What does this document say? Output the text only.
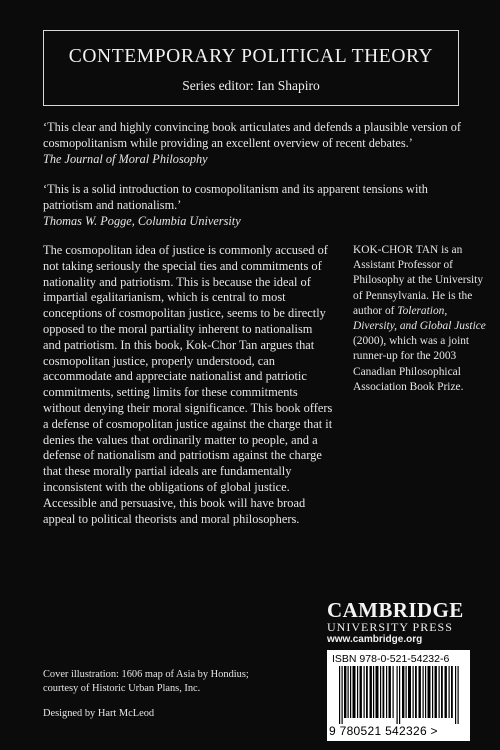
CONTEMPORARY POLITICAL THEORY
Series editor: Ian Shapiro
‘This clear and highly convincing book articulates and defends a plausible version of
cosmopolitanism while providing an excellent overview of recent debates.’
The Journal of Moral Philosophy
‘This is a solid introduction to cosmopolitanism and its apparent tensions with
patriotism and nationalism.’
Thomas W. Pogge, Columbia University
The cosmopolitan idea of justice is commonly accused of
not taking seriously the special ties and commitments of
nationality and patriotism. This is because the ideal of
impartial egalitarianism, which is central to most
conceptions of cosmopolitan justice, seems to be directly
opposed to the moral partiality inherent to nationalism
and patriotism. In this book, Kok-Chor Tan argues that
cosmopolitan justice, properly understood, can
accommodate and appreciate nationalist and patriotic
commitments, setting limits for these commitments
without denying their moral significance. This book offers
a defense of cosmopolitan justice against the charge that it
denies the values that ordinarily matter to people, and a
defense of nationalism and patriotism against the charge
that these morally partial ideals are fundamentally
inconsistent with the obligations of global justice.
Accessible and persuasive, this book will have broad
appeal to political theorists and moral philosophers.
KOK-CHOR TAN is an
Assistant Professor of
Philosophy at the University
of Pennsylvania. He is the
author of Toleration,
Diversity, and Global Justice
(2000), which was a joint
runner-up for the 2003
Canadian Philosophical
Association Book Prize.
CAMBRIDGE
UNIVERSITY PRESS
www.cambridge.org
ISBN 978-0-521-54232-6
9 780521 542326 >
Cover illustration: 1606 map of Asia by Hondius;
courtesy of Historic Urban Plans, Inc.
Designed by Hart McLeod
